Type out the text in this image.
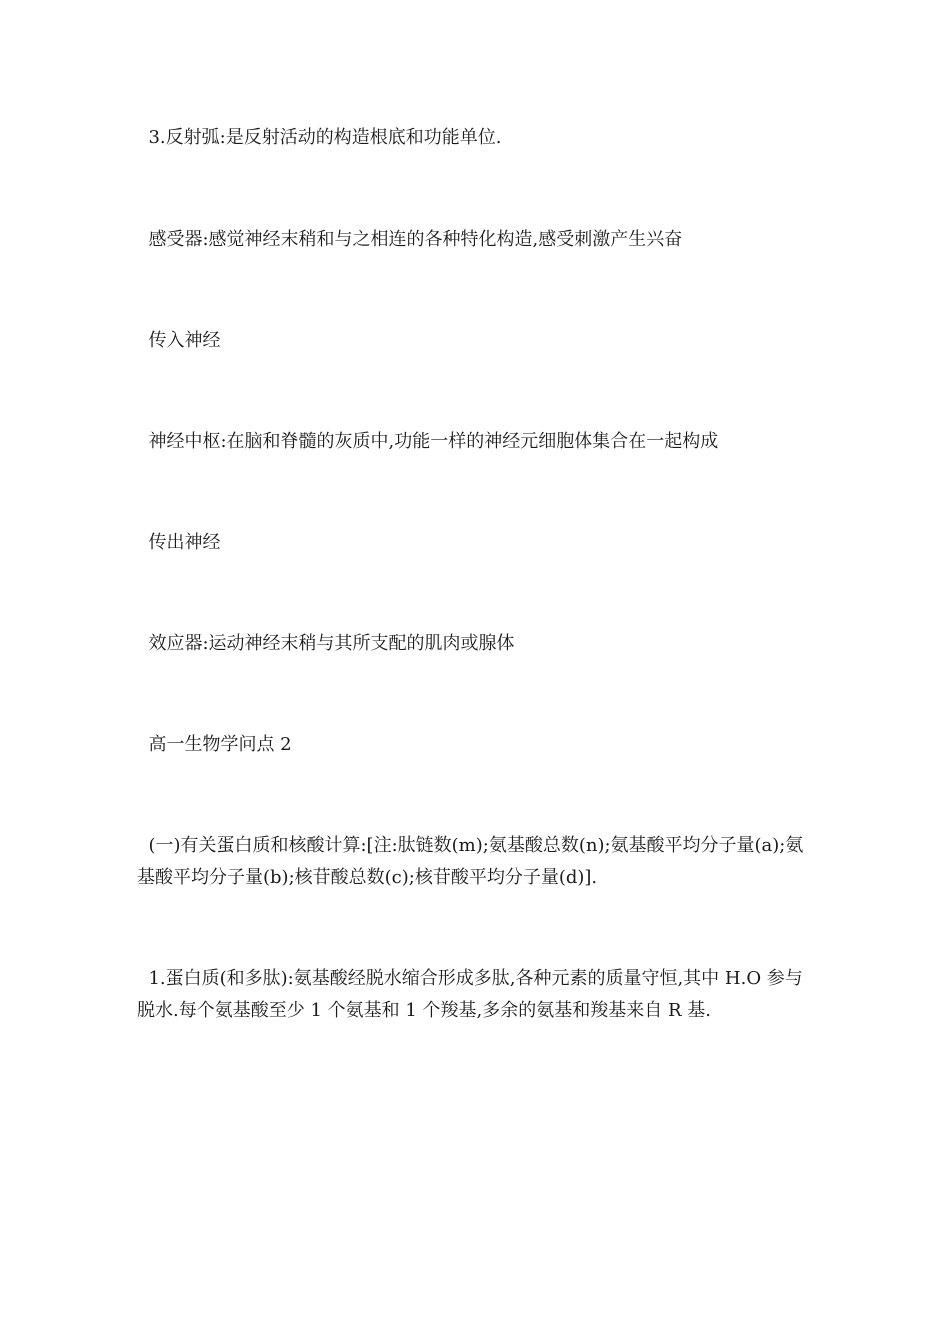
3.反射弧:是反射活动的构造根底和功能单位.

感受器:感觉神经末稍和与之相连的各种特化构造,感受刺激产生兴奋

传入神经

神经中枢:在脑和脊髓的灰质中,功能一样的神经元细胞体集合在一起构成

传出神经

效应器:运动神经末稍与其所支配的肌肉或腺体

高一生物学问点 2

(一)有关蛋白质和核酸计算:[注:肽链数(m);氨基酸总数(n);氨基酸平均分子量(a);氨基酸平均分子量(b);核苷酸总数(c);核苷酸平均分子量(d)].

1.蛋白质(和多肽):氨基酸经脱水缩合形成多肽,各种元素的质量守恒,其中 H.O 参与脱水.每个氨基酸至少 1 个氨基和 1 个羧基,多余的氨基和羧基来自 R 基.
